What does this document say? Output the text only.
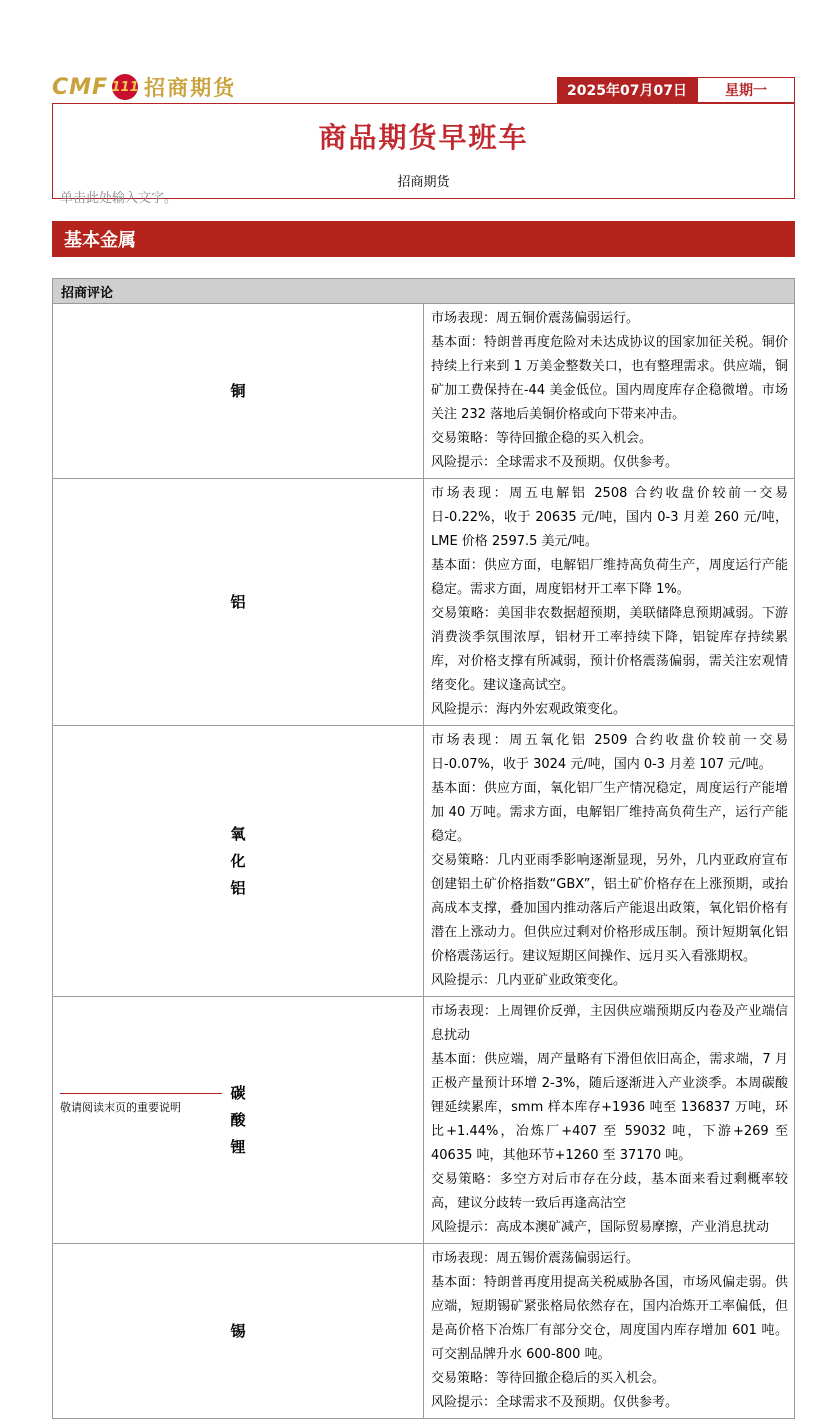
CMF 111 招商期货	2025年07月07日	星期一
商品期货早班车
招商期货
单击此处输入文字。
基本金属
招商评论	
铜	市场表现：周五铜价震荡偏弱运行。

基本面：特朗普再度危险对未达成协议的国家加征关税。铜价持续上行来到 1 万美金整数关口，也有整理需求。供应端，铜矿加工费保持在-44 美金低位。国内周度库存企稳微增。市场关注 232 落地后美铜价格或向下带来冲击。

交易策略：等待回撤企稳的买入机会。

风险提示：全球需求不及预期。仅供参考。

铝	市场表现：周五电解铝 2508 合约收盘价较前一交易日-0.22%，收于 20635 元/吨，国内 0-3 月差 260 元/吨，LME 价格 2597.5 美元/吨。

基本面：供应方面，电解铝厂维持高负荷生产，周度运行产能稳定。需求方面，周度铝材开工率下降 1%。

交易策略：美国非农数据超预期，美联储降息预期减弱。下游消费淡季氛围浓厚，铝材开工率持续下降，铝锭库存持续累库，对价格支撑有所减弱，预计价格震荡偏弱，需关注宏观情绪变化。建议逢高试空。

风险提示：海内外宏观政策变化。

氧化铝	市场表现：周五氧化铝 2509 合约收盘价较前一交易日-0.07%，收于 3024 元/吨，国内 0-3 月差 107 元/吨。

基本面：供应方面，氧化铝厂生产情况稳定，周度运行产能增加 40 万吨。需求方面，电解铝厂维持高负荷生产，运行产能稳定。

交易策略：几内亚雨季影响逐渐显现，另外，几内亚政府宣布创建铝土矿价格指数“GBX”，铝土矿价格存在上涨预期，或抬高成本支撑，叠加国内推动落后产能退出政策，氧化铝价格有潜在上涨动力。但供应过剩对价格形成压制。预计短期氧化铝价格震荡运行。建议短期区间操作、远月买入看涨期权。

风险提示：几内亚矿业政策变化。

碳酸锂	市场表现：上周锂价反弹，主因供应端预期反内卷及产业端信息扰动

基本面：供应端，周产量略有下滑但依旧高企，需求端，7 月正极产量预计环增 2-3%，随后逐渐进入产业淡季。本周碳酸锂延续累库，smm 样本库存+1936 吨至 136837 万吨，环比+1.44%，冶炼厂+407 至 59032 吨，下游+269 至 40635 吨，其他环节+1260 至 37170 吨。

交易策略：多空方对后市存在分歧，基本面来看过剩概率较高，建议分歧转一致后再逢高沽空

风险提示：高成本澳矿减产，国际贸易摩擦，产业消息扰动

锡	市场表现：周五锡价震荡偏弱运行。

基本面：特朗普再度用提高关税威胁各国，市场风偏走弱。供应端，短期锡矿紧张格局依然存在，国内冶炼开工率偏低，但是高价格下冶炼厂有部分交仓，周度国内库存增加 601 吨。可交割品牌升水 600-800 吨。

交易策略：等待回撤企稳后的买入机会。

风险提示：全球需求不及预期。仅供参考。

敬请阅读末页的重要说明
